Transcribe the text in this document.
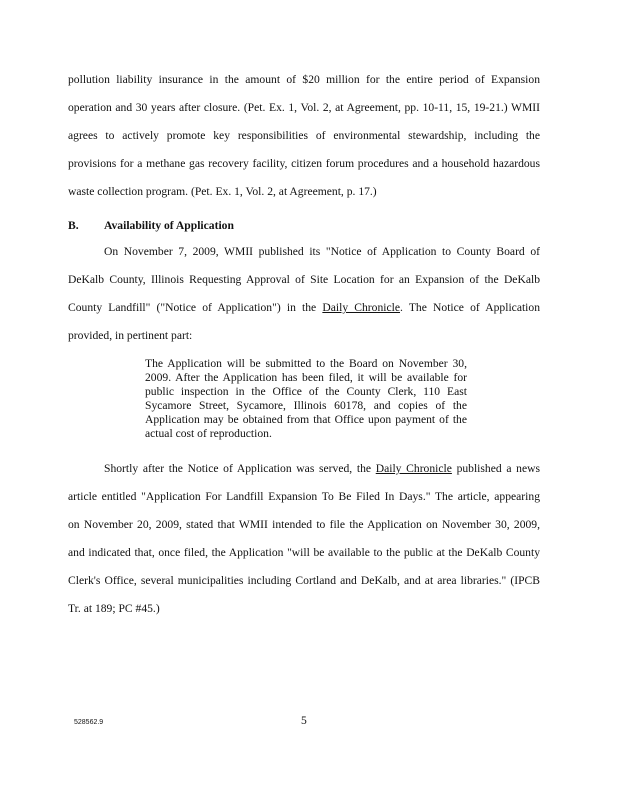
pollution liability insurance in the amount of $20 million for the entire period of Expansion
operation and 30 years after closure. (Pet. Ex. 1, Vol. 2, at Agreement, pp. 10-11, 15, 19-21.) WMII
agrees to actively promote key responsibilities of environmental stewardship, including the
provisions for a methane gas recovery facility, citizen forum procedures and a household hazardous
waste collection program. (Pet. Ex. 1, Vol. 2, at Agreement, p. 17.)
B. Availability of Application
On November 7, 2009, WMII published its "Notice of Application to County Board of
DeKalb County, Illinois Requesting Approval of Site Location for an Expansion of the DeKalb
County Landfill" ("Notice of Application") in the Daily Chronicle. The Notice of Application
provided, in pertinent part:
The Application will be submitted to the Board on November 30,
2009. After the Application has been filed, it will be available for
public inspection in the Office of the County Clerk, 110 East
Sycamore Street, Sycamore, Illinois 60178, and copies of the
Application may be obtained from that Office upon payment of the
actual cost of reproduction.
Shortly after the Notice of Application was served, the Daily Chronicle published a news
article entitled "Application For Landfill Expansion To Be Filed In Days." The article, appearing
on November 20, 2009, stated that WMII intended to file the Application on November 30, 2009,
and indicated that, once filed, the Application "will be available to the public at the DeKalb County
Clerk's Office, several municipalities including Cortland and DeKalb, and at area libraries." (IPCB
Tr. at 189; PC #45.)
528562.9	5
